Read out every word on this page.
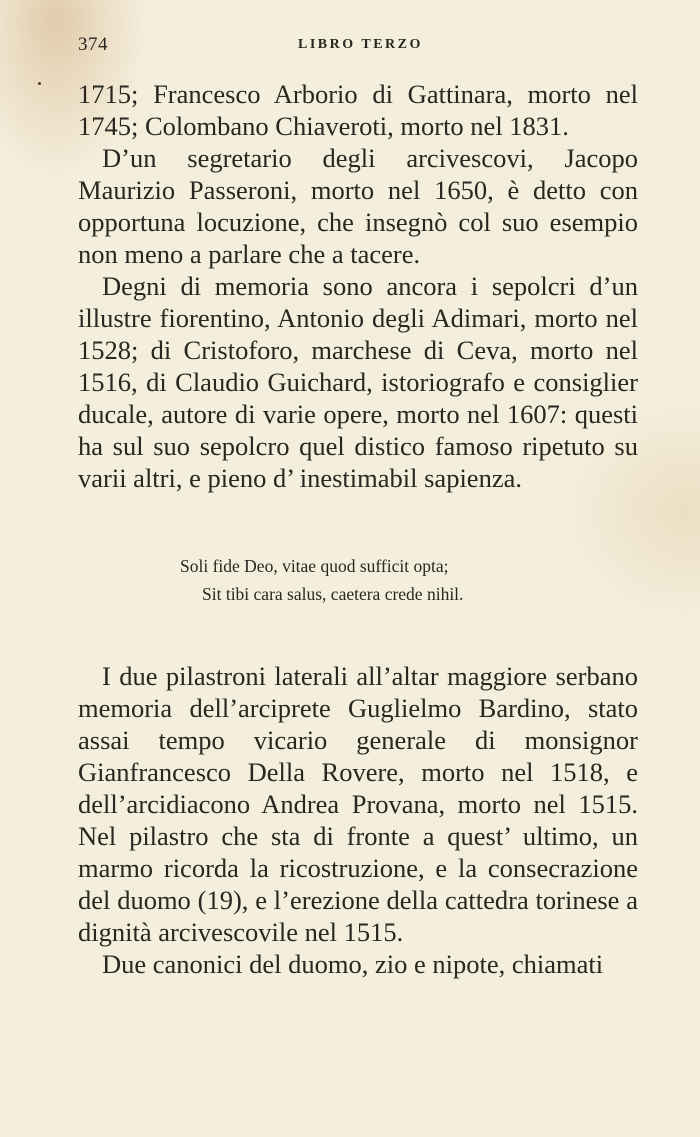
374	LIBRO TERZO

1715; Francesco Arborio di Gattinara, morto nel 1745; Colombano Chiaveroti, morto nel 1831.

D’un segretario degli arcivescovi, Jacopo Maurizio Passeroni, morto nel 1650, è detto con opportuna locuzione, che insegnò col suo esempio non meno a parlare che a tacere.

Degni di memoria sono ancora i sepolcri d’un illustre fiorentino, Antonio degli Adimari, morto nel 1528; di Cristoforo, marchese di Ceva, morto nel 1516, di Claudio Guichard, istoriografo e consiglier ducale, autore di varie opere, morto nel 1607: questi ha sul suo sepolcro quel distico famoso ripetuto su varii altri, e pieno d’ inestimabil sapienza.

Soli fide Deo, vitae quod sufficit opta;
Sit tibi cara salus, caetera crede nihil.

I due pilastroni laterali all’altar maggiore serbano memoria dell’arciprete Guglielmo Bardino, stato assai tempo vicario generale di monsignor Gianfrancesco Della Rovere, morto nel 1518, e dell’arcidiacono Andrea Provana, morto nel 1515. Nel pilastro che sta di fronte a quest’ ultimo, un marmo ricorda la ricostruzione, e la consecrazione del duomo (19), e l’erezione della cattedra torinese a dignità arcivescovile nel 1515.

Due canonici del duomo, zio e nipote, chiamati
